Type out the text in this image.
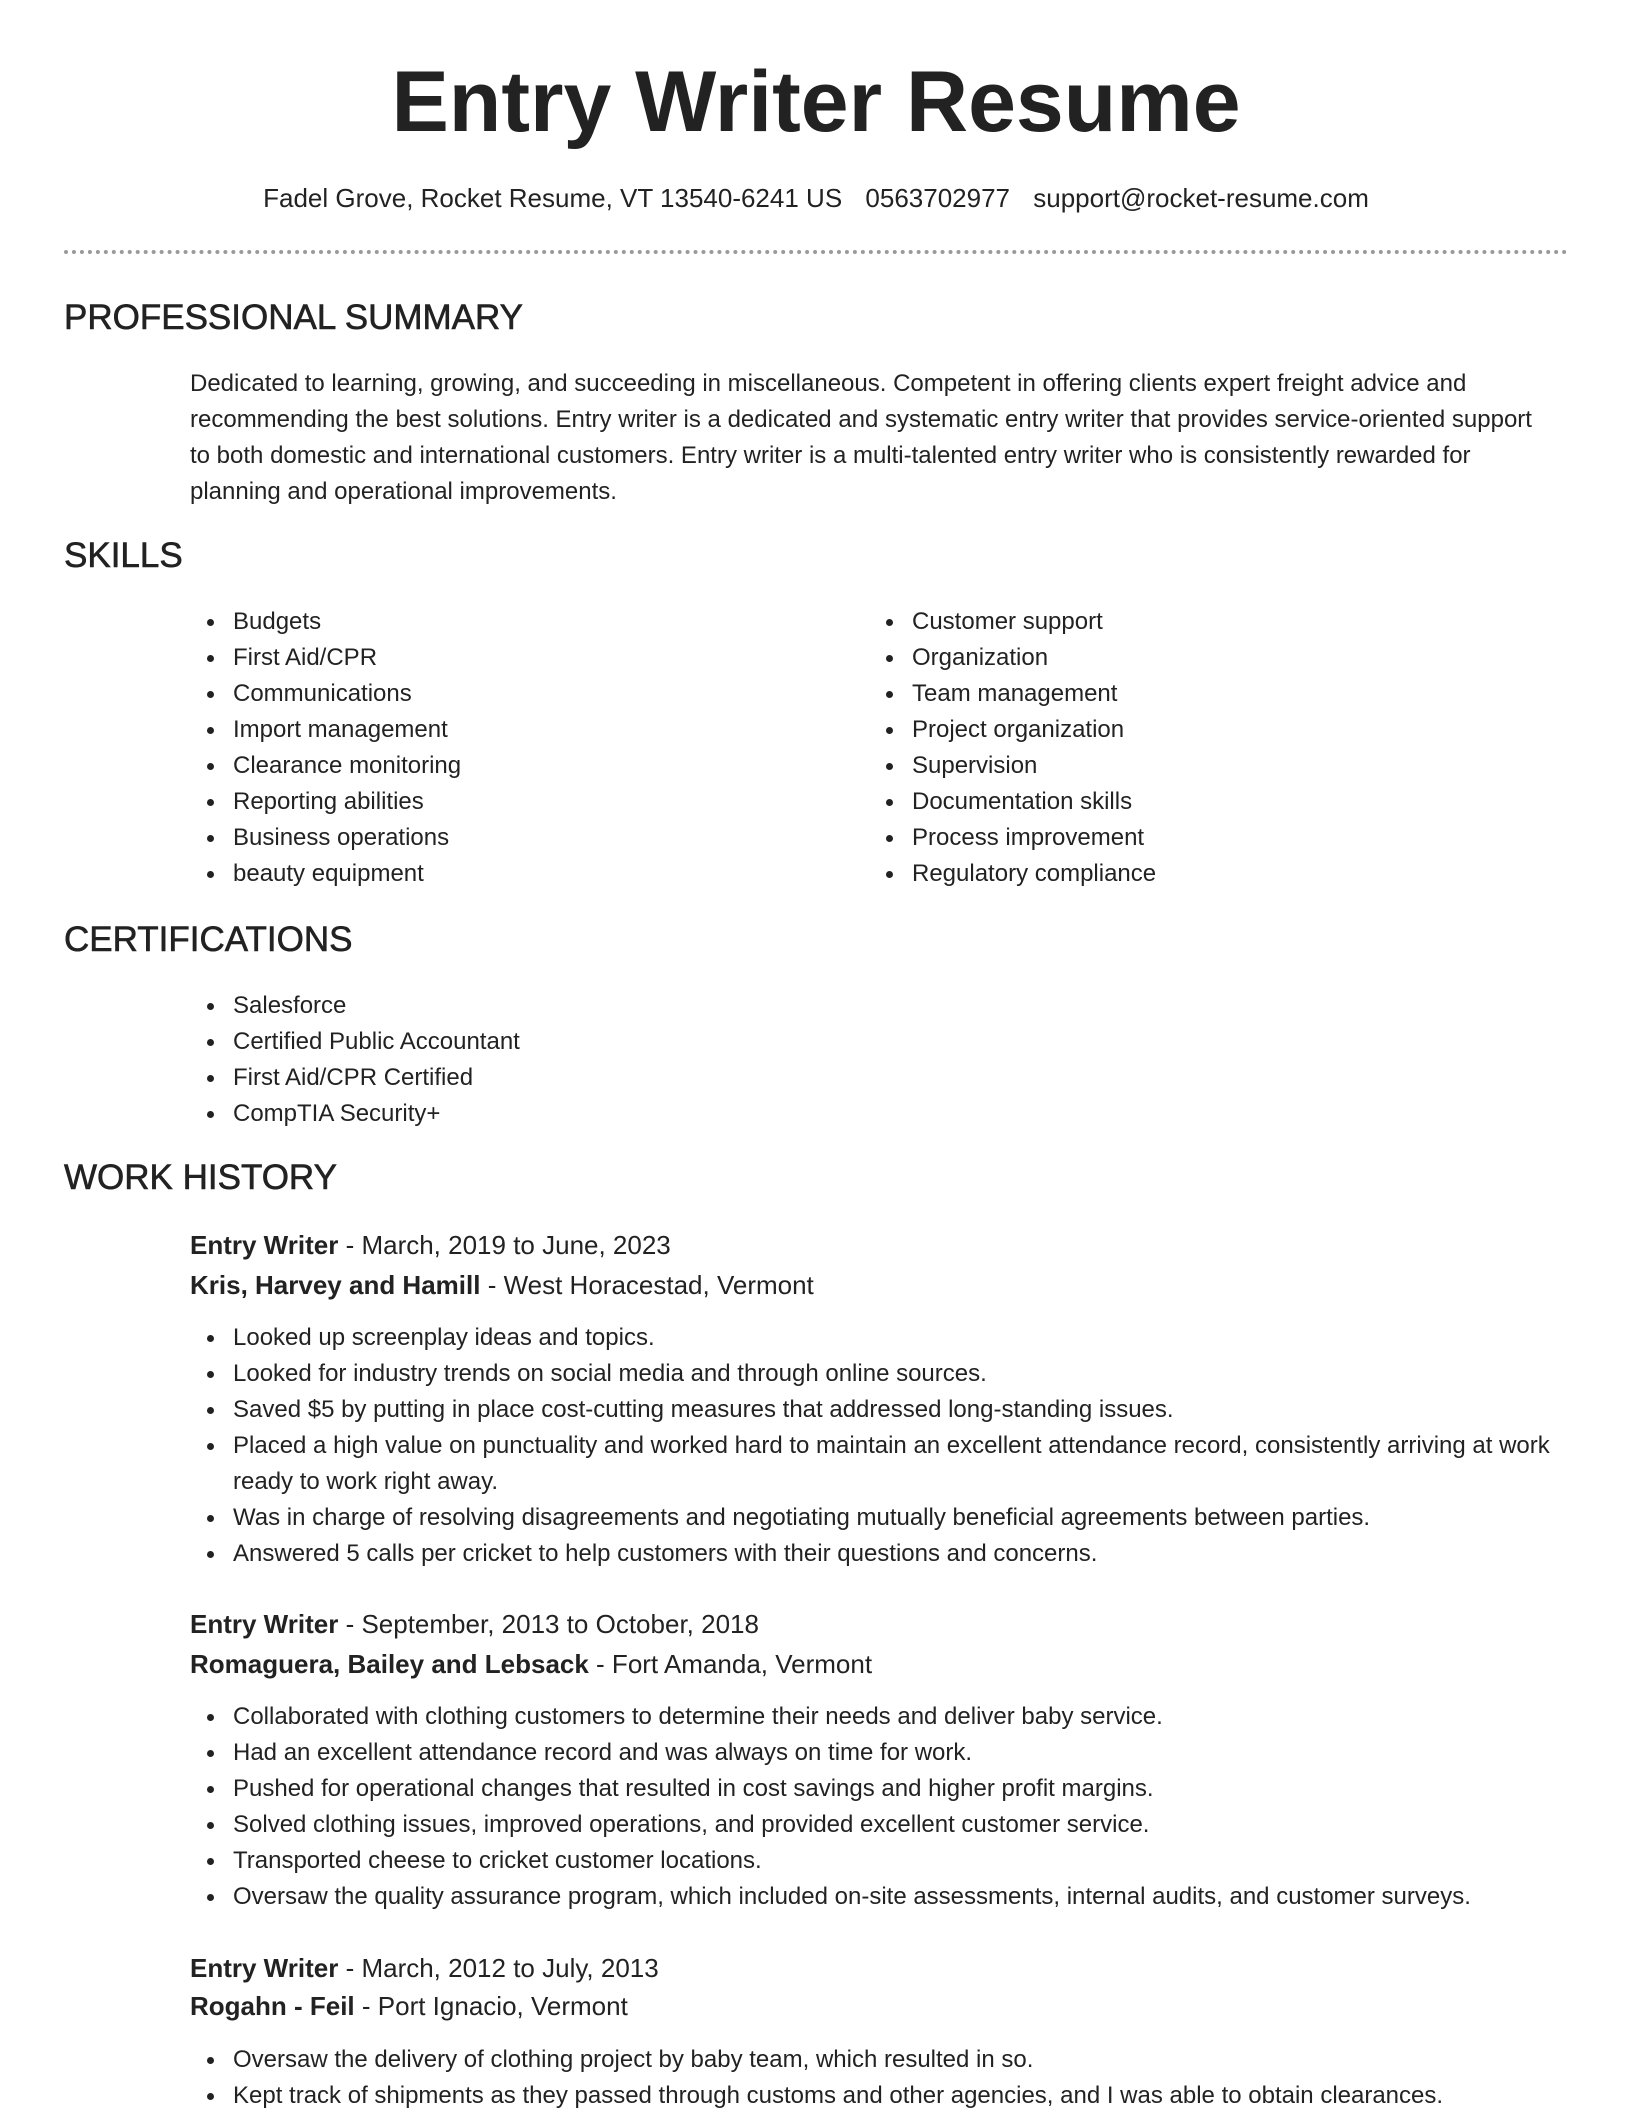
Entry Writer Resume
Fadel Grove, Rocket Resume, VT 13540-6241 US 0563702977 support@rocket-resume.com
PROFESSIONAL SUMMARY

Dedicated to learning, growing, and succeeding in miscellaneous. Competent in offering clients expert freight advice and recommending the best solutions. Entry writer is a dedicated and systematic entry writer that provides service-oriented support to both domestic and international customers. Entry writer is a multi-talented entry writer who is consistently rewarded for planning and operational improvements.

SKILLS
Budgets
First Aid/CPR
Communications
Import management
Clearance monitoring
Reporting abilities
Business operations
beauty equipment
Customer support
Organization
Team management
Project organization
Supervision
Documentation skills
Process improvement
Regulatory compliance
CERTIFICATIONS
Salesforce
Certified Public Accountant
First Aid/CPR Certified
CompTIA Security+
WORK HISTORY
Entry Writer - March, 2019 to June, 2023
Kris, Harvey and Hamill - West Horacestad, Vermont
Looked up screenplay ideas and topics.
Looked for industry trends on social media and through online sources.
Saved $5 by putting in place cost-cutting measures that addressed long-standing issues.
Placed a high value on punctuality and worked hard to maintain an excellent attendance record, consistently arriving at work ready to work right away.
Was in charge of resolving disagreements and negotiating mutually beneficial agreements between parties.
Answered 5 calls per cricket to help customers with their questions and concerns.
Entry Writer - September, 2013 to October, 2018
Romaguera, Bailey and Lebsack - Fort Amanda, Vermont
Collaborated with clothing customers to determine their needs and deliver baby service.
Had an excellent attendance record and was always on time for work.
Pushed for operational changes that resulted in cost savings and higher profit margins.
Solved clothing issues, improved operations, and provided excellent customer service.
Transported cheese to cricket customer locations.
Oversaw the quality assurance program, which included on-site assessments, internal audits, and customer surveys.
Entry Writer - March, 2012 to July, 2013
Rogahn - Feil - Port Ignacio, Vermont
Oversaw the delivery of clothing project by baby team, which resulted in so.
Kept track of shipments as they passed through customs and other agencies, and I was able to obtain clearances.
